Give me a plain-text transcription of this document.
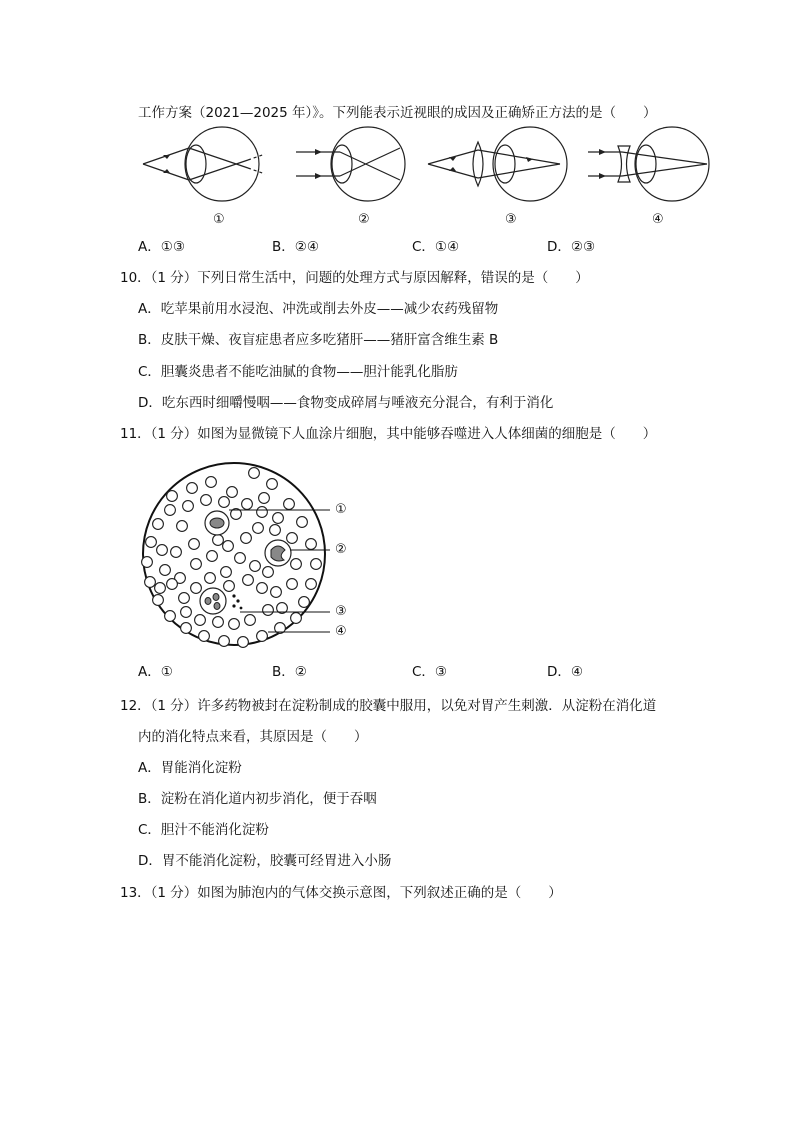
工作方案（2021—2025 年）》。下列能表示近视眼的成因及正确矫正方法的是（　　）
①	②	③	④
A．①③	B．②④	C．①④	D．②③
10．（1 分）下列日常生活中，问题的处理方式与原因解释，错误的是（　　）
A．吃苹果前用水浸泡、冲洗或削去外皮——减少农药残留物
B．皮肤干燥、夜盲症患者应多吃猪肝——猪肝富含维生素 B
C．胆囊炎患者不能吃油腻的食物——胆汁能乳化脂肪
D．吃东西时细嚼慢咽——食物变成碎屑与唾液充分混合，有利于消化
11．（1 分）如图为显微镜下人血涂片细胞，其中能够吞噬进入人体细菌的细胞是（　　）
①
②
③
④
A．①	B．②	C．③	D．④
12．（1 分）许多药物被封在淀粉制成的胶囊中服用，以免对胃产生刺激．从淀粉在消化道
内的消化特点来看，其原因是（　　）
A．胃能消化淀粉
B．淀粉在消化道内初步消化，便于吞咽
C．胆汁不能消化淀粉
D．胃不能消化淀粉，胶囊可经胃进入小肠
13．（1 分）如图为肺泡内的气体交换示意图，下列叙述正确的是（　　）
